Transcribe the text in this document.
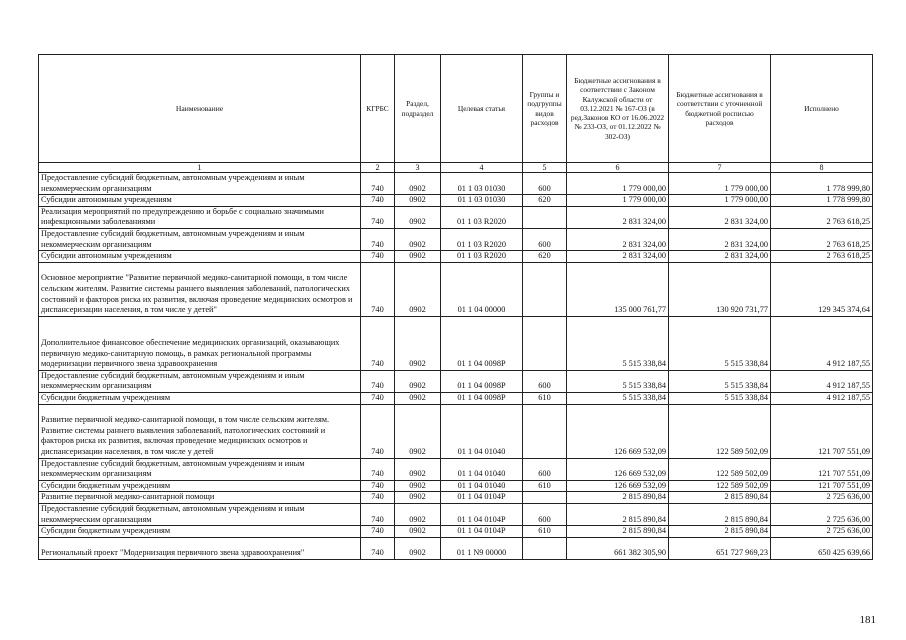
Наименование	КГРБС	Раздел, подраздел	Целевая статья	Группы и подгруппы видов расходов	Бюджетные ассигнования в соответствии с Законом Калужской области от 03.12.2021 № 167-ОЗ (в ред.Законов КО от 16.06.2022 № 233-ОЗ, от 01.12.2022 № 302-ОЗ)	Бюджетные ассигнования в соответствии с уточненной бюджетной росписью расходов	Исполнено
1	2	3	4	5	6	7	8
Предоставление субсидий бюджетным, автономным учреждениям и иным некоммерческим организациям	740	0902	01 1 03 01030	600	1 779 000,00	1 779 000,00	1 778 999,80
Субсидии автономным учреждениям	740	0902	01 1 03 01030	620	1 779 000,00	1 779 000,00	1 778 999,80
Реализация мероприятий по предупреждению и борьбе с социально значимыми инфекционными заболеваниями	740	0902	01 1 03 R2020		2 831 324,00	2 831 324,00	2 763 618,25
Предоставление субсидий бюджетным, автономным учреждениям и иным некоммерческим организациям	740	0902	01 1 03 R2020	600	2 831 324,00	2 831 324,00	2 763 618,25
Субсидии автономным учреждениям	740	0902	01 1 03 R2020	620	2 831 324,00	2 831 324,00	2 763 618,25
Основное мероприятие "Развитие первичной медико-санитарной помощи, в том числе сельским жителям. Развитие системы раннего выявления заболеваний, патологических состояний и факторов риска их развития, включая проведение медицинских осмотров и диспансеризации населения, в том числе у детей"	740	0902	01 1 04 00000		135 000 761,77	130 920 731,77	129 345 374,64
Дополнительное финансовое обеспечение медицинских организаций, оказывающих первичную медико-санитарную помощь, в рамках региональной программы модернизации первичного звена здравоохранения	740	0902	01 1 04 0098P		5 515 338,84	5 515 338,84	4 912 187,55
Предоставление субсидий бюджетным, автономным учреждениям и иным некоммерческим организациям	740	0902	01 1 04 0098P	600	5 515 338,84	5 515 338,84	4 912 187,55
Субсидии бюджетным учреждениям	740	0902	01 1 04 0098P	610	5 515 338,84	5 515 338,84	4 912 187,55
Развитие первичной медико-санитарной помощи, в том числе сельским жителям. Развитие системы раннего выявления заболеваний, патологических состояний и факторов риска их развития, включая проведение медицинских осмотров и диспансеризации населения, в том числе у детей	740	0902	01 1 04 01040		126 669 532,09	122 589 502,09	121 707 551,09
Предоставление субсидий бюджетным, автономным учреждениям и иным некоммерческим организациям	740	0902	01 1 04 01040	600	126 669 532,09	122 589 502,09	121 707 551,09
Субсидии бюджетным учреждениям	740	0902	01 1 04 01040	610	126 669 532,09	122 589 502,09	121 707 551,09
Развитие первичной медико-санитарной помощи	740	0902	01 1 04 0104P		2 815 890,84	2 815 890,84	2 725 636,00
Предоставление субсидий бюджетным, автономным учреждениям и иным некоммерческим организациям	740	0902	01 1 04 0104P	600	2 815 890,84	2 815 890,84	2 725 636,00
Субсидии бюджетным учреждениям	740	0902	01 1 04 0104P	610	2 815 890,84	2 815 890,84	2 725 636,00
Региональный проект "Модернизация первичного звена здравоохранения"	740	0902	01 1 N9 00000		661 382 305,90	651 727 969,23	650 425 639,66
181
